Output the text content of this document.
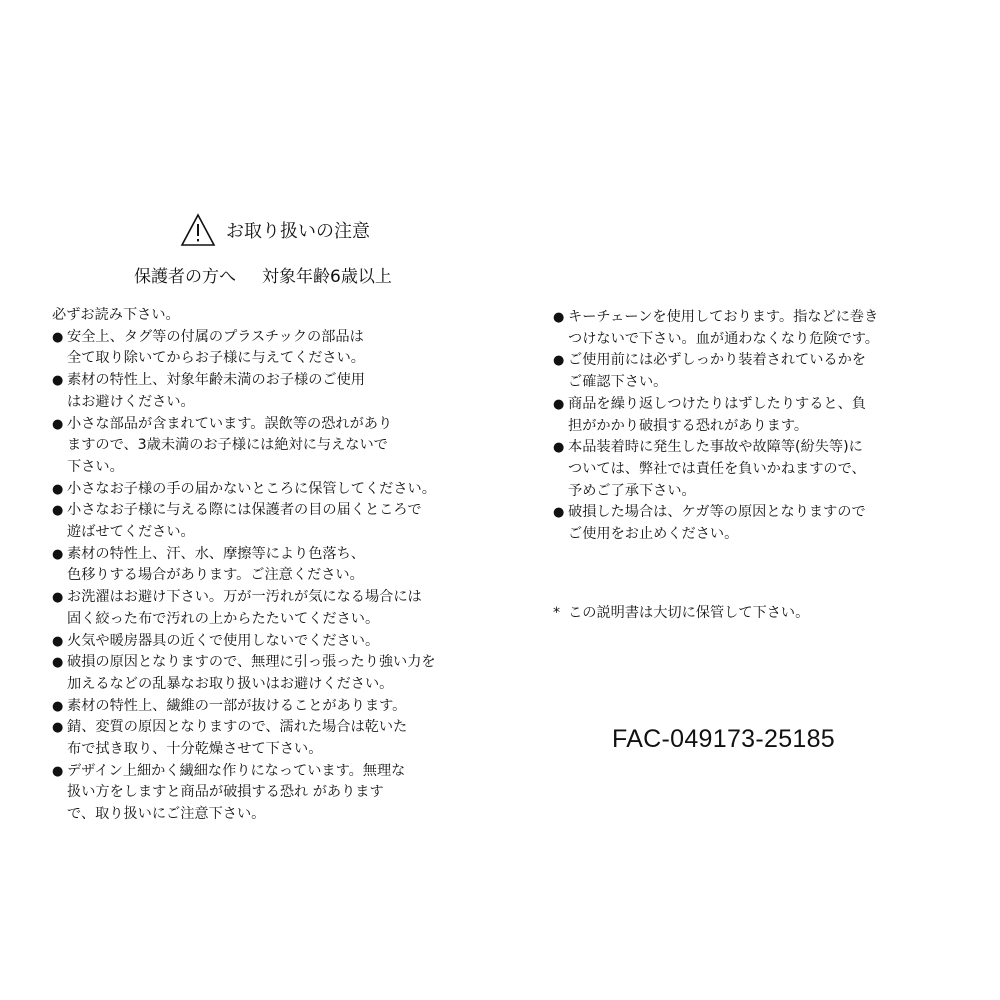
お取り扱いの注意
保護者の方へ 対象年齢6歳以上
必ずお読み下さい。
● 安全上、タグ等の付属のプラスチックの部品は
全て取り除いてからお子様に与えてください。
● 素材の特性上、対象年齢未満のお子様のご使用
はお避けください。
● 小さな部品が含まれています。誤飲等の恐れがあり
ますので、3歳未満のお子様には絶対に与えないで
下さい。
● 小さなお子様の手の届かないところに保管してください。
● 小さなお子様に与える際には保護者の目の届くところで
遊ばせてください。
● 素材の特性上、汗、水、摩擦等により色落ち、
色移りする場合があります。ご注意ください。
● お洗濯はお避け下さい。万が一汚れが気になる場合には
固く絞った布で汚れの上からたたいてください。
● 火気や暖房器具の近くで使用しないでください。
● 破損の原因となりますので、無理に引っ張ったり強い力を
加えるなどの乱暴なお取り扱いはお避けください。
● 素材の特性上、繊維の一部が抜けることがあります。
● 錆、変質の原因となりますので、濡れた場合は乾いた
布で拭き取り、十分乾燥させて下さい。
● デザイン上細かく繊細な作りになっています。無理な
扱い方をしますと商品が破損する恐れ があります
で、取り扱いにご注意下さい。
● キーチェーンを使用しております。指などに巻き
つけないで下さい。血が通わなくなり危険です。
● ご使用前には必ずしっかり装着されているかを
ご確認下さい。
● 商品を繰り返しつけたりはずしたりすると、負
担がかかり破損する恐れがあります。
● 本品装着時に発生した事故や故障等(紛失等)に
ついては、弊社では責任を負いかねますので、
予めご了承下さい。
● 破損した場合は、ケガ等の原因となりますので
ご使用をお止めください。
* この説明書は大切に保管して下さい。
FAC-049173-25185
